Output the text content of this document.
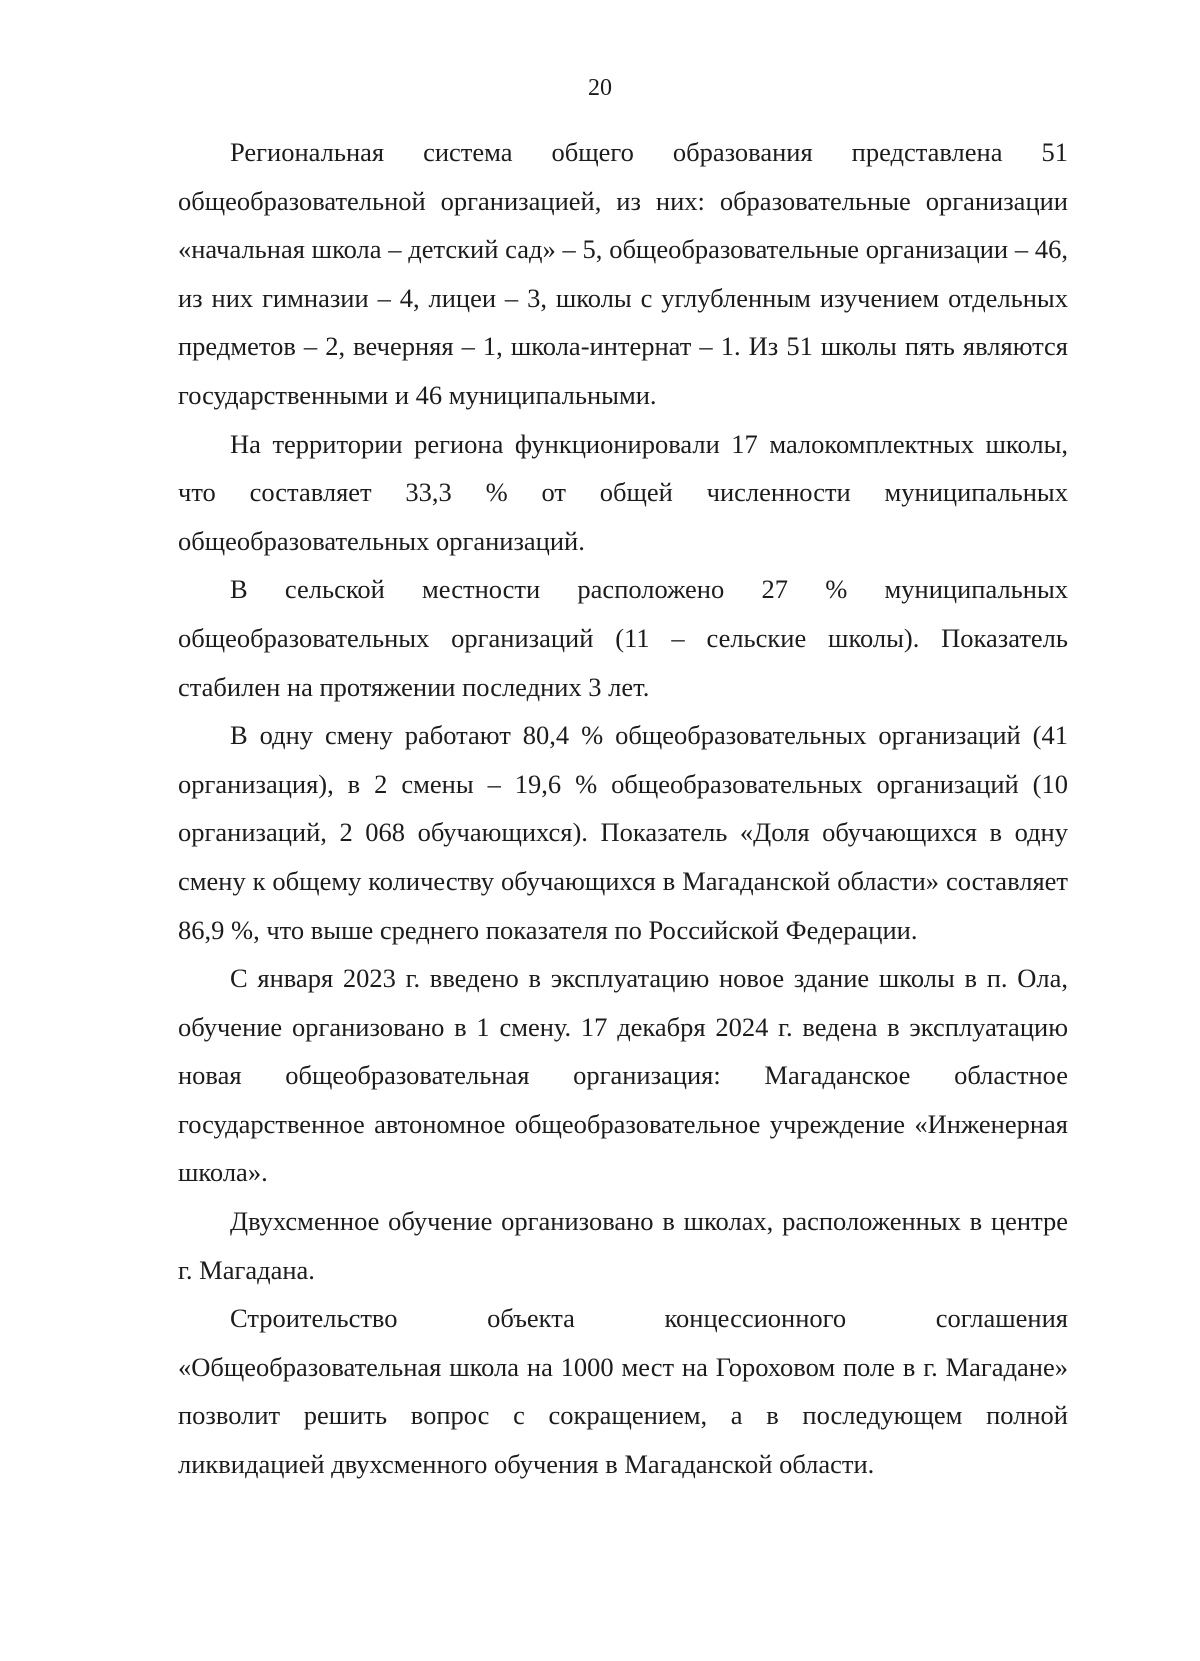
20

Региональная система общего образования представлена 51 общеобразовательной организацией, из них: образовательные организации «начальная школа – детский сад» – 5, общеобразовательные организации – 46, из них гимназии – 4, лицеи – 3, школы с углубленным изучением отдельных предметов – 2, вечерняя – 1, школа-интернат – 1. Из 51 школы пять являются государственными и 46 муниципальными.

На территории региона функционировали 17 малокомплектных школы, что составляет 33,3 % от общей численности муниципальных общеобразовательных организаций.

В сельской местности расположено 27 % муниципальных общеобразовательных организаций (11 – сельские школы). Показатель стабилен на протяжении последних 3 лет.

В одну смену работают 80,4 % общеобразовательных организаций (41 организация), в 2 смены – 19,6 % общеобразовательных организаций (10 организаций, 2 068 обучающихся). Показатель «Доля обучающихся в одну смену к общему количеству обучающихся в Магаданской области» составляет 86,9 %, что выше среднего показателя по Российской Федерации.

С января 2023 г. введено в эксплуатацию новое здание школы в п. Ола, обучение организовано в 1 смену. 17 декабря 2024 г. ведена в эксплуатацию новая общеобразовательная организация: Магаданское областное государственное автономное общеобразовательное учреждение «Инженерная школа».

Двухсменное обучение организовано в школах, расположенных в центре г. Магадана.

Строительство объекта концессионного соглашения «Общеобразовательная школа на 1000 мест на Гороховом поле в г. Магадане» позволит решить вопрос с сокращением, а в последующем полной ликвидацией двухсменного обучения в Магаданской области.
